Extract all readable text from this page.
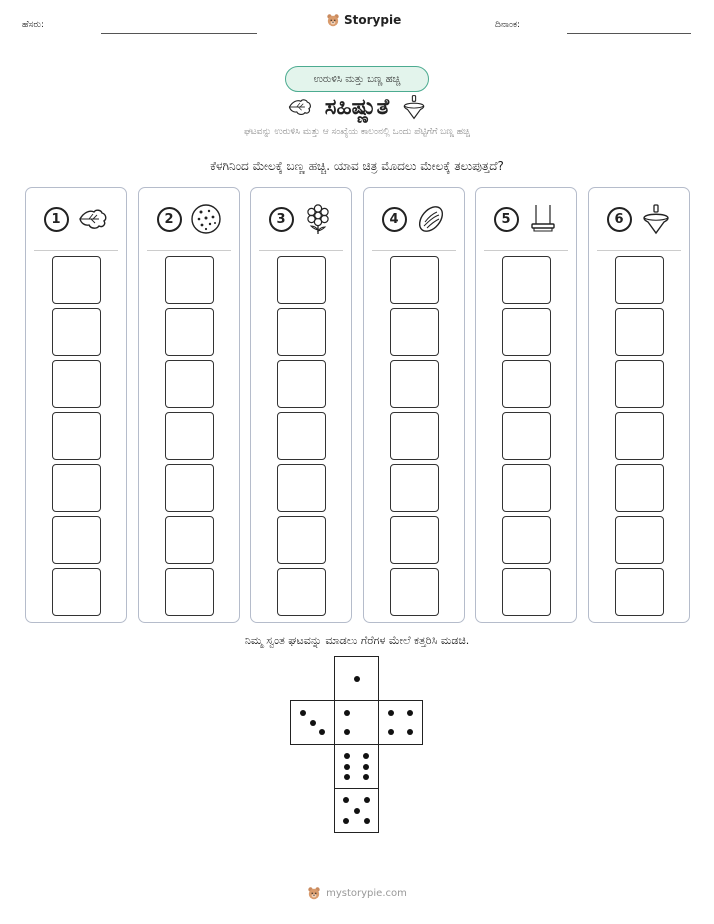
ಹೆಸರು:	Storypie	ದಿನಾಂಕ:
ಉರುಳಿಸಿ ಮತ್ತು ಬಣ್ಣ ಹಚ್ಚಿ
ಸಹಿಷ್ಣುತೆ
ಘಟವನ್ನು ಉರುಳಿಸಿ ಮತ್ತು ಆ ಸಂಖ್ಯೆಯ ಕಾಲಂನಲ್ಲಿ ಒಂದು ಪೆಟ್ಟಿಗೆಗೆ ಬಣ್ಣ ಹಚ್ಚಿ
ಕೆಳಗಿನಿಂದ ಮೇಲಕ್ಕೆ ಬಣ್ಣ ಹಚ್ಚಿ. ಯಾವ ಚಿತ್ರ ಮೊದಲು ಮೇಲಕ್ಕೆ ತಲುಪುತ್ತದೆ?
1	2	3	4	5	6
ನಿಮ್ಮ ಸ್ವಂತ ಘಟವನ್ನು ಮಾಡಲು ಗೆರೆಗಳ ಮೇಲೆ ಕತ್ತರಿಸಿ ಮಡಚಿ.
mystorypie.com
